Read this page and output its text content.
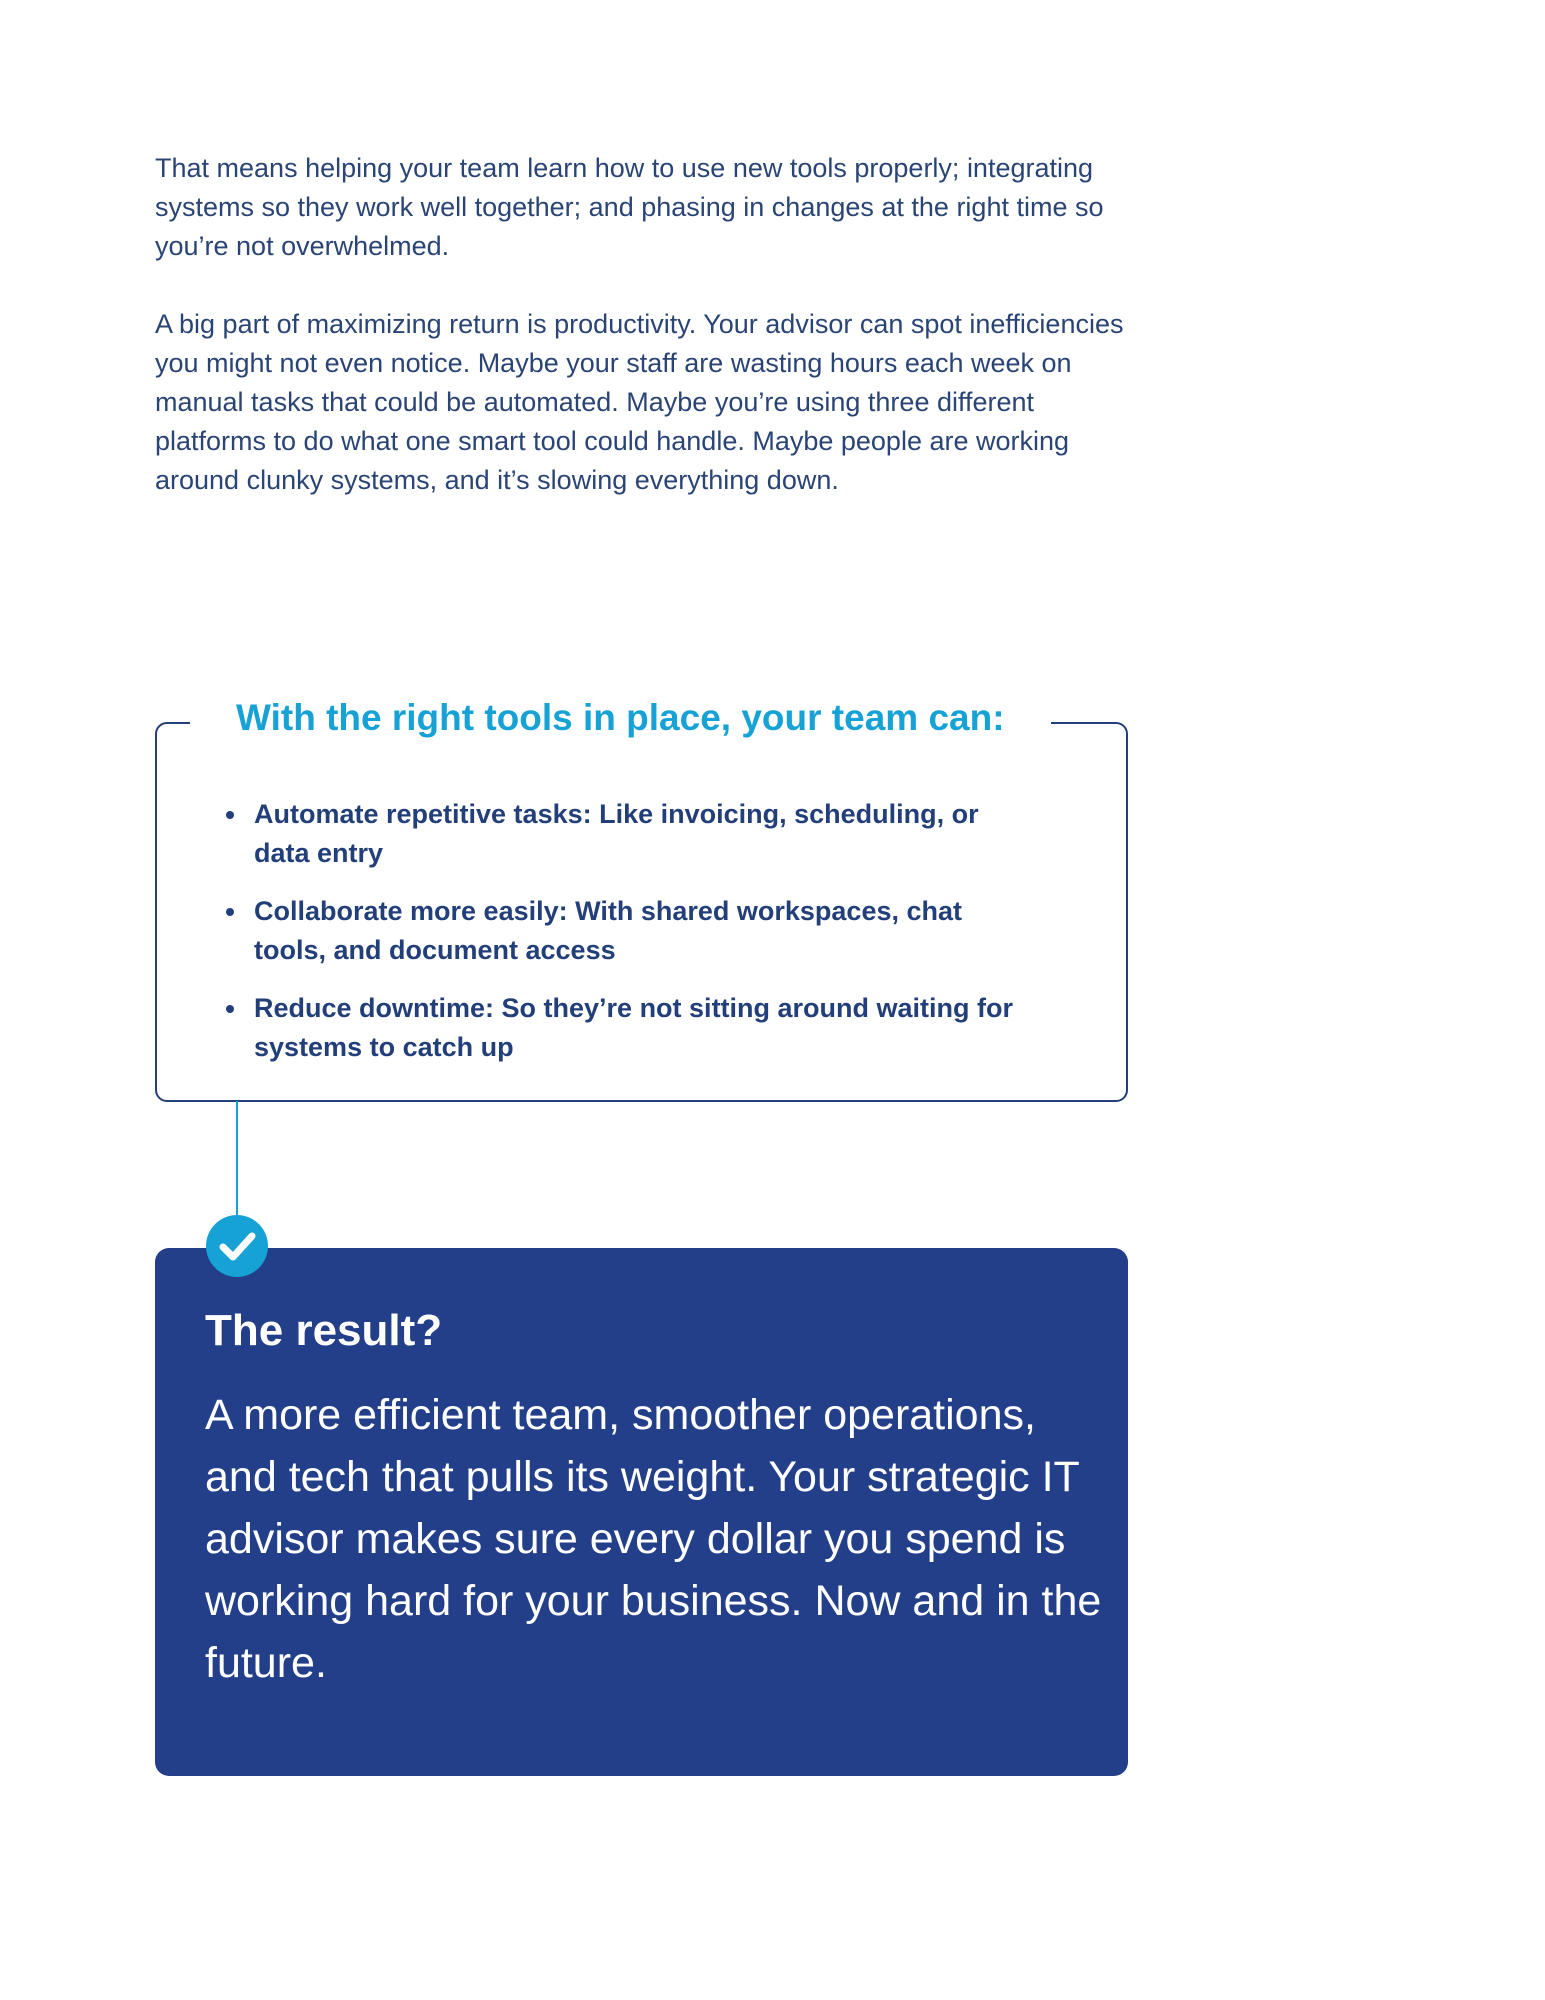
That means helping your team learn how to use new tools properly; integrating systems so they work well together; and phasing in changes at the right time so you’re not overwhelmed.

A big part of maximizing return is productivity. Your advisor can spot inefficiencies you might not even notice. Maybe your staff are wasting hours each week on manual tasks that could be automated. Maybe you’re using three different platforms to do what one smart tool could handle. Maybe people are working around clunky systems, and it’s slowing everything down.

With the right tools in place, your team can:
Automate repetitive tasks: Like invoicing, scheduling, or data entry
Collaborate more easily: With shared workspaces, chat tools, and document access
Reduce downtime: So they’re not sitting around waiting for systems to catch up
The result?

A more efficient team, smoother operations, and tech that pulls its weight. Your strategic IT advisor makes sure every dollar you spend is working hard for your business. Now and in the future.
